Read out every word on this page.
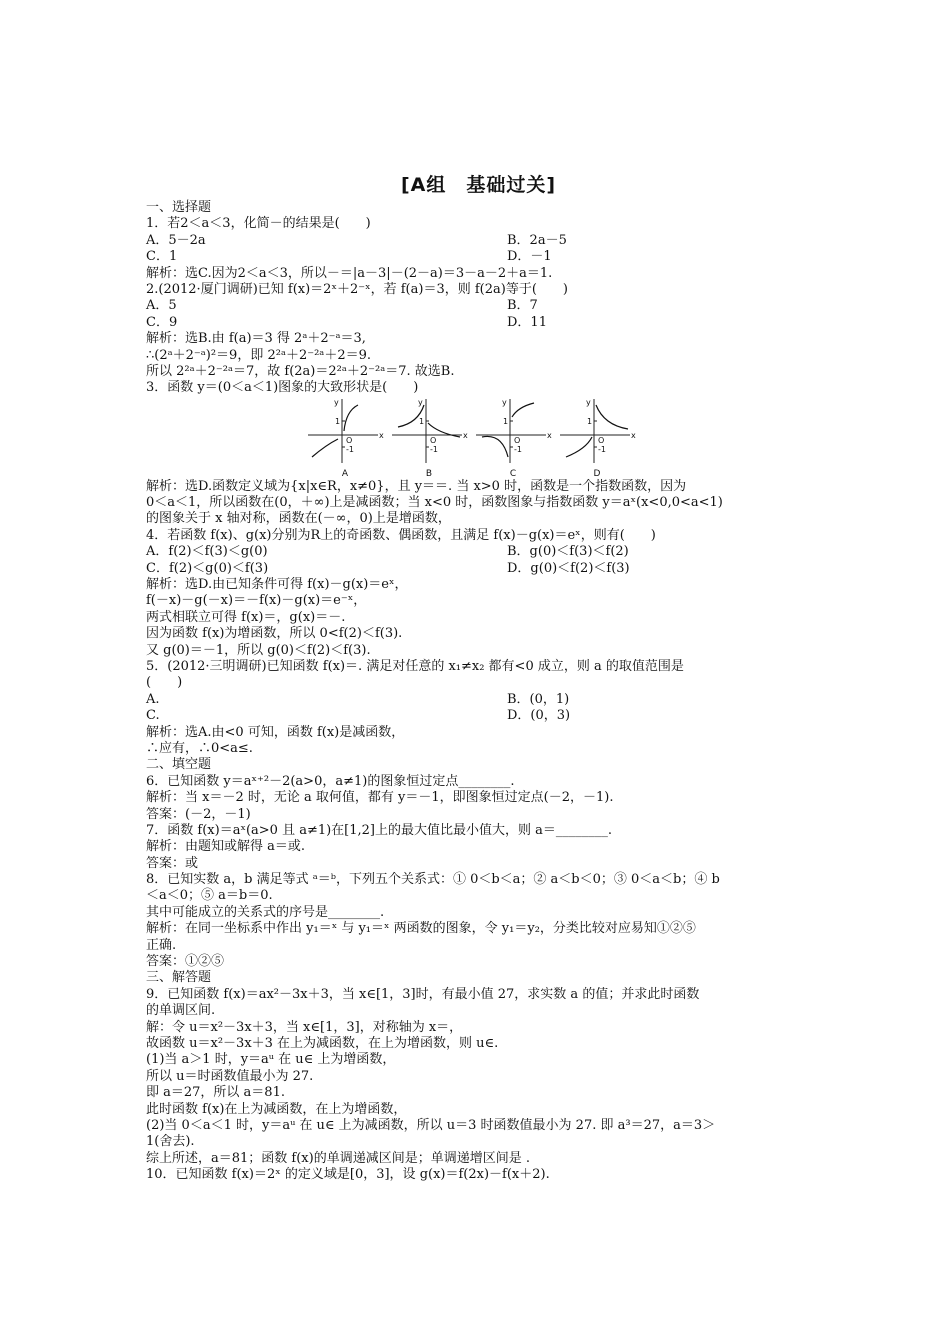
[A组　基础过关]
一、选择题
1．若2＜a＜3，化简－的结果是(　　)
A．5－2a	B．2a－5
C．1	D．－1
解析：选C.因为2＜a＜3，所以－＝|a－3|－(2－a)＝3－a－2＋a＝1.
2.(2012·厦门调研)已知 f(x)＝2ˣ＋2⁻ˣ，若 f(a)＝3，则 f(2a)等于(　　)
A．5	B．7
C．9	D．11
解析：选B.由 f(a)＝3 得 2ᵃ＋2⁻ᵃ＝3,
∴(2ᵃ＋2⁻ᵃ)²＝9，即 2²ᵃ＋2⁻²ᵃ＋2＝9.
所以 2²ᵃ＋2⁻²ᵃ＝7，故 f(2a)＝2²ᵃ＋2⁻²ᵃ＝7. 故选B.
3．函数 y＝(0＜a＜1)图象的大致形状是(　　)
x
y
1
O
-1
A
x
y
1
O
-1
B
x
y
1
O
-1
C
x
y
1
O
-1
D
解析：选D.函数定义域为{x|x∈R，x≠0}，且 y＝＝. 当 x>0 时，函数是一个指数函数，因为
0＜a＜1，所以函数在(0，＋∞)上是减函数；当 x<0 时，函数图象与指数函数 y＝aˣ(x<0,0<a<1)
的图象关于 x 轴对称，函数在(－∞，0)上是增函数，
4．若函数 f(x)、g(x)分别为R上的奇函数、偶函数，且满足 f(x)－g(x)＝eˣ，则有(　　)
A．f(2)＜f(3)＜g(0)	B．g(0)＜f(3)＜f(2)
C．f(2)＜g(0)＜f(3)	D．g(0)＜f(2)＜f(3)
解析：选D.由已知条件可得 f(x)－g(x)＝eˣ，
f(－x)－g(－x)＝－f(x)－g(x)＝e⁻ˣ，
两式相联立可得 f(x)＝，g(x)＝－.
因为函数 f(x)为增函数，所以 0<f(2)＜f(3).
又 g(0)＝－1，所以 g(0)＜f(2)＜f(3).
5．(2012·三明调研)已知函数 f(x)＝. 满足对任意的 x₁≠x₂ 都有<0 成立，则 a 的取值范围是
(　　)
A.	B．(0，1)
C.	D．(0，3)
解析：选A.由<0 可知，函数 f(x)是减函数，
∴应有，∴0<a≤.
二、填空题
6．已知函数 y＝aˣ⁺²－2(a>0，a≠1)的图象恒过定点________.
解析：当 x＝－2 时，无论 a 取何值，都有 y＝－1，即图象恒过定点(－2，－1).
答案：(－2，－1)
7．函数 f(x)＝aˣ(a>0 且 a≠1)在[1,2]上的最大值比最小值大，则 a＝________.
解析：由题知或解得 a＝或.
答案：或
8．已知实数 a，b 满足等式 ᵃ＝ᵇ，下列五个关系式：① 0＜b＜a；② a＜b＜0；③ 0＜a＜b；④ b
＜a＜0；⑤ a＝b＝0.
其中可能成立的关系式的序号是________.
解析：在同一坐标系中作出 y₁＝ˣ 与 y₁＝ˣ 两函数的图象，令 y₁＝y₂，分类比较对应易知①②⑤
正确.
答案：①②⑤
三、解答题
9．已知函数 f(x)＝ax²－3x＋3，当 x∈[1，3]时，有最小值 27，求实数 a 的值；并求此时函数
的单调区间.
解：令 u＝x²－3x＋3，当 x∈[1，3]，对称轴为 x＝，
故函数 u＝x²－3x＋3 在上为减函数，在上为增函数，则 u∈.
(1)当 a＞1 时，y＝aᵘ 在 u∈ 上为增函数，
所以 u＝时函数值最小为 27.
即 a＝27，所以 a＝81.
此时函数 f(x)在上为减函数，在上为增函数，
(2)当 0＜a＜1 时，y＝aᵘ 在 u∈ 上为减函数，所以 u＝3 时函数值最小为 27. 即 a³＝27，a＝3＞
1(舍去).
综上所述，a＝81；函数 f(x)的单调递减区间是；单调递增区间是 .
10．已知函数 f(x)＝2ˣ 的定义域是[0，3]，设 g(x)＝f(2x)－f(x＋2).
